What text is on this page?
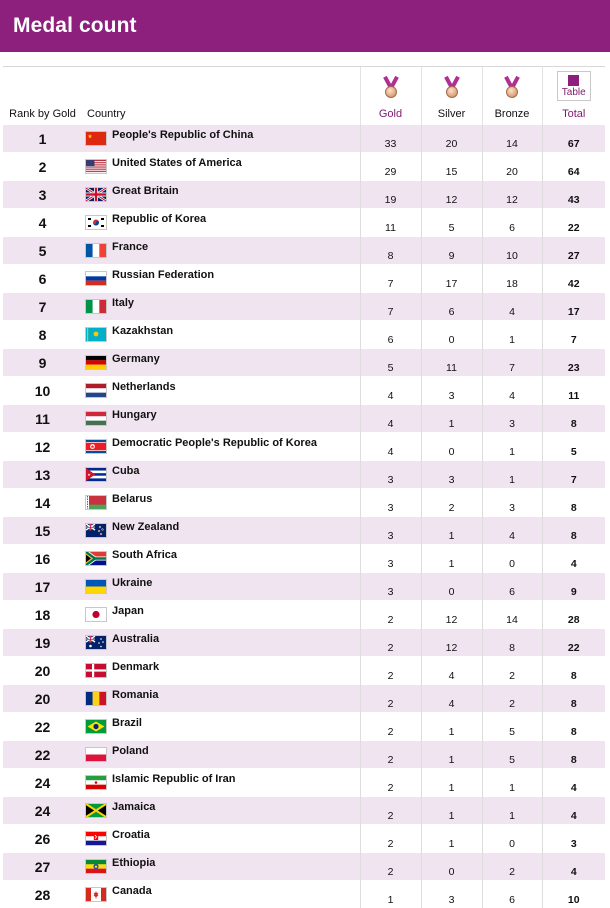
Medal count

Table

Rank by Gold		Country	Gold	Silver	Bronze	Total
1		People's Republic of China	33	20	14	67
2		United States of America	29	15	20	64
3		Great Britain	19	12	12	43
4		Republic of Korea	11	5	6	22
5		France	8	9	10	27
6		Russian Federation	7	17	18	42
7		Italy	7	6	4	17
8		Kazakhstan	6	0	1	7
9		Germany	5	11	7	23
10		Netherlands	4	3	4	11
11		Hungary	4	1	3	8
12		Democratic People's Republic of Korea	4	0	1	5
13		Cuba	3	3	1	7
14		Belarus	3	2	3	8
15		New Zealand	3	1	4	8
16		South Africa	3	1	0	4
17		Ukraine	3	0	6	9
18		Japan	2	12	14	28
19		Australia	2	12	8	22
20		Denmark	2	4	2	8
20		Romania	2	4	2	8
22		Brazil	2	1	5	8
22		Poland	2	1	5	8
24		Islamic Republic of Iran	2	1	1	4
24		Jamaica	2	1	1	4
26		Croatia	2	1	0	3
27		Ethiopia	2	0	2	4
28		Canada	1	3	6	10
